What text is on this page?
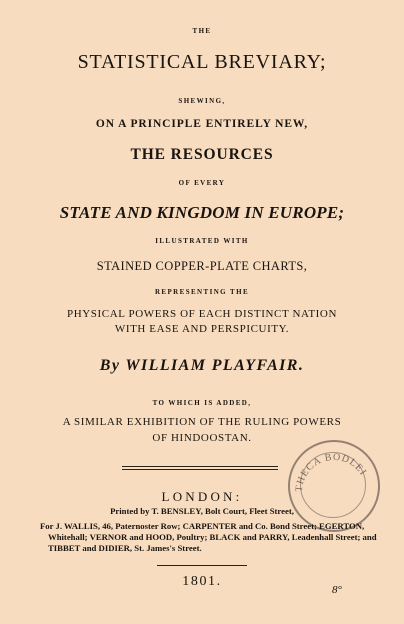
THE
STATISTICAL BREVIARY;
SHEWING,
ON A PRINCIPLE ENTIRELY NEW,
THE RESOURCES
OF EVERY
STATE AND KINGDOM IN EUROPE;
ILLUSTRATED WITH
STAINED COPPER-PLATE CHARTS,
REPRESENTING THE
PHYSICAL POWERS OF EACH DISTINCT NATION
WITH EASE AND PERSPICUITY.
By WILLIAM PLAYFAIR.
TO WHICH IS ADDED,
A SIMILAR EXHIBITION OF THE RULING POWERS
OF HINDOOSTAN.
THECA BODLEI
LONDON:
Printed by T. BENSLEY, Bolt Court, Fleet Street,
For J. WALLIS, 46, Paternoster Row; CARPENTER and Co. Bond Street; EGERTON, Whitehall; VERNOR and HOOD, Poultry; BLACK and PARRY, Leadenhall Street; and TIBBET and DIDIER, St. James's Street.
1801.
8°
